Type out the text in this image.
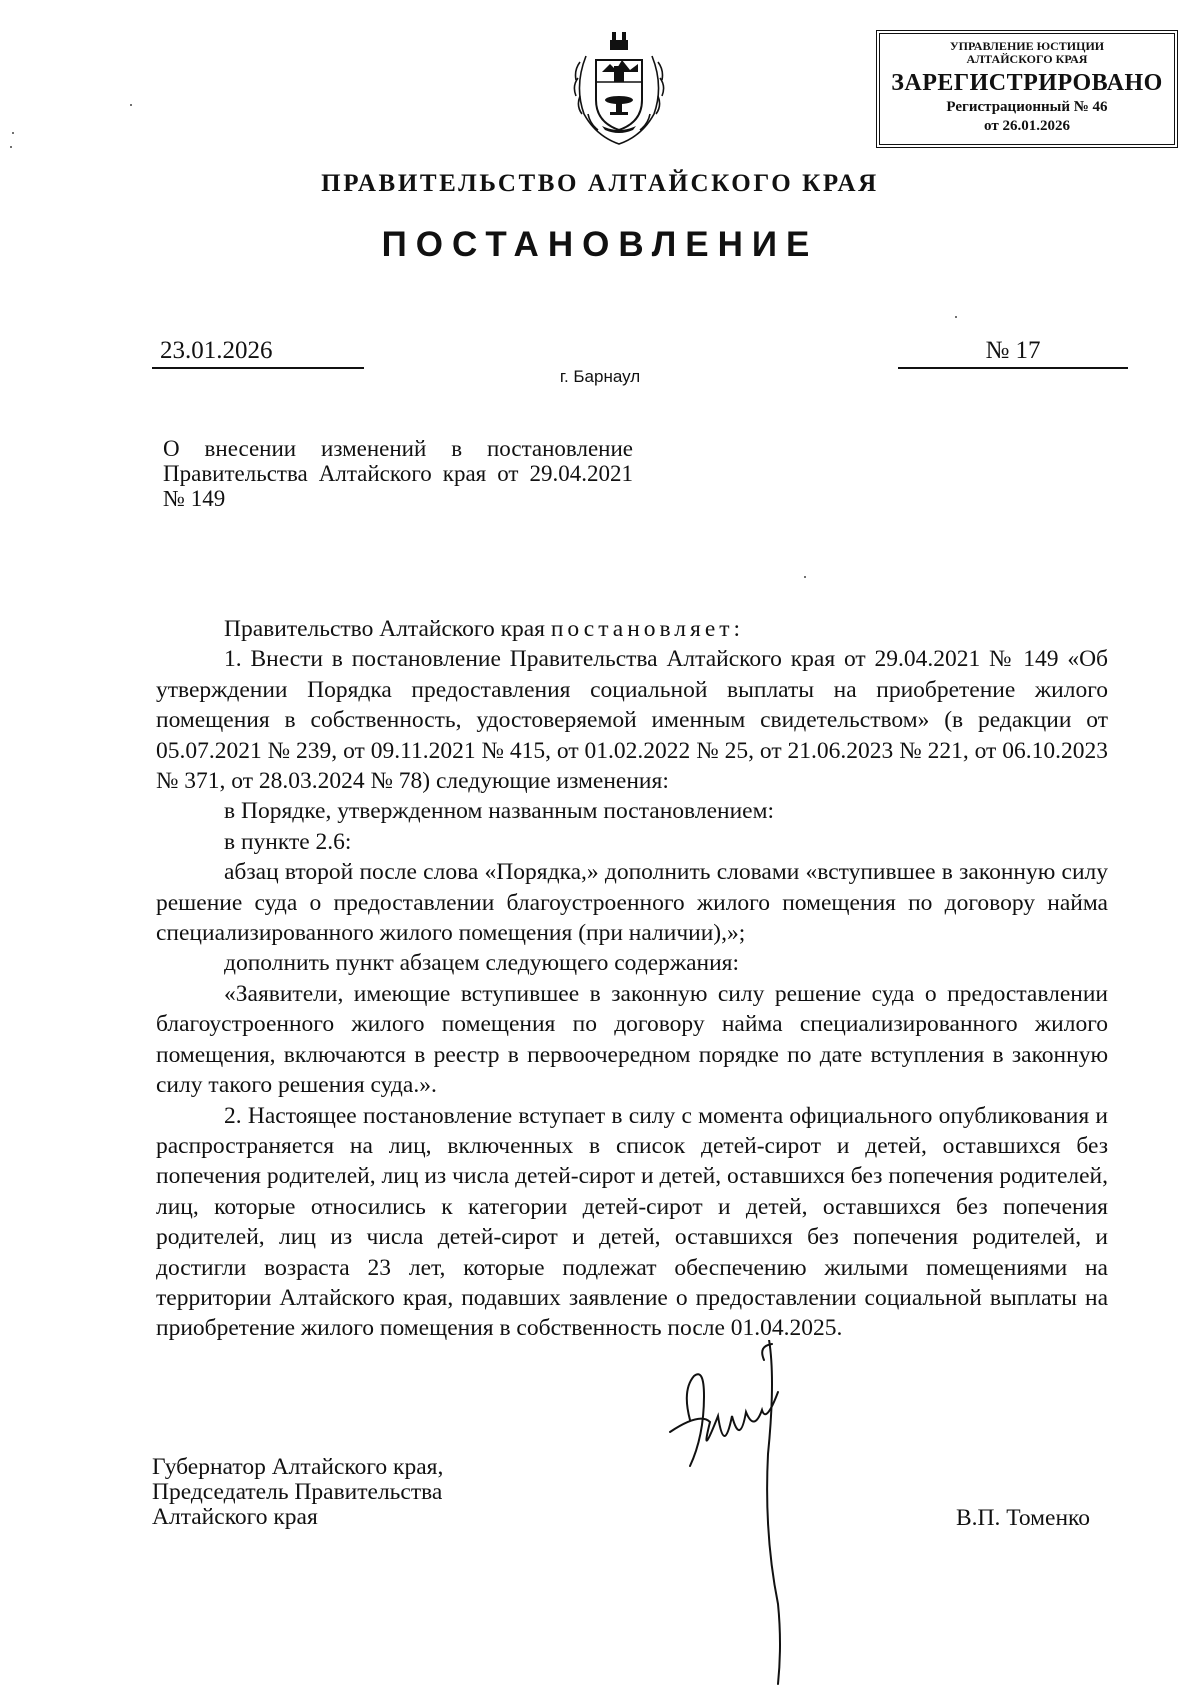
УПРАВЛЕНИЕ ЮСТИЦИИ
АЛТАЙСКОГО КРАЯ
ЗАРЕГИСТРИРОВАНО
Регистрационный № 46
от 26.01.2026
ПРАВИТЕЛЬСТВО АЛТАЙСКОГО КРАЯ
ПОСТАНОВЛЕНИЕ
23.01.2026	№ 17
г. Барнаул
О внесении изменений в постановление Правительства Алтайского края от 29.04.2021 № 149

Правительство Алтайского края постановляет:

1. Внести в постановление Правительства Алтайского края от 29.04.2021 № 149 «Об утверждении Порядка предоставления социальной выплаты на приобретение жилого помещения в собственность, удостоверяемой именным свидетельством» (в редакции от 05.07.2021 № 239, от 09.11.2021 № 415, от 01.02.2022 № 25, от 21.06.2023 № 221, от 06.10.2023 № 371, от 28.03.2024 № 78) следующие изменения:

в Порядке, утвержденном названным постановлением:

в пункте 2.6:

абзац второй после слова «Порядка,» дополнить словами «вступившее в законную силу решение суда о предоставлении благоустроенного жилого помещения по договору найма специализированного жилого помещения (при наличии),»;

дополнить пункт абзацем следующего содержания:

«Заявители, имеющие вступившее в законную силу решение суда о предоставлении благоустроенного жилого помещения по договору найма специализированного жилого помещения, включаются в реестр в первоочередном порядке по дате вступления в законную силу такого решения суда.».

2. Настоящее постановление вступает в силу с момента официального опубликования и распространяется на лиц, включенных в список детей-сирот и детей, оставшихся без попечения родителей, лиц из числа детей-сирот и детей, оставшихся без попечения родителей, лиц, которые относились к категории детей-сирот и детей, оставшихся без попечения родителей, лиц из числа детей-сирот и детей, оставшихся без попечения родителей, и достигли возраста 23 лет, которые подлежат обеспечению жилыми помещениями на территории Алтайского края, подавших заявление о предоставлении социальной выплаты на приобретение жилого помещения в собственность после 01.04.2025.

Губернатор Алтайского края,
Председатель Правительства
Алтайского края	В.П. Томенко
